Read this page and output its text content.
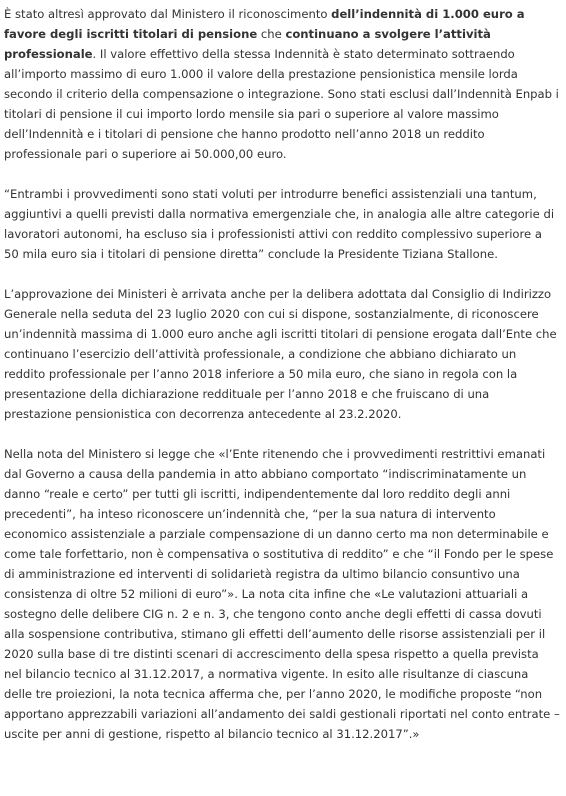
È stato altresì approvato dal Ministero il riconoscimento dell’indennità di 1.000 euro a favore degli iscritti titolari di pensione che continuano a svolgere l’attività professionale. Il valore effettivo della stessa Indennità è stato determinato sottraendo all’importo massimo di euro 1.000 il valore della prestazione pensionistica mensile lorda secondo il criterio della compensazione o integrazione. Sono stati esclusi dall’Indennità Enpab i titolari di pensione il cui importo lordo mensile sia pari o superiore al valore massimo dell’Indennità e i titolari di pensione che hanno prodotto nell’anno 2018 un reddito professionale pari o superiore ai 50.000,00 euro.

“Entrambi i provvedimenti sono stati voluti per introdurre benefici assistenziali una tantum, aggiuntivi a quelli previsti dalla normativa emergenziale che, in analogia alle altre categorie di lavoratori autonomi, ha escluso sia i professionisti attivi con reddito complessivo superiore a 50 mila euro sia i titolari di pensione diretta” conclude la Presidente Tiziana Stallone.

L’approvazione dei Ministeri è arrivata anche per la delibera adottata dal Consiglio di Indirizzo Generale nella seduta del 23 luglio 2020 con cui si dispone, sostanzialmente, di riconoscere un’indennità massima di 1.000 euro anche agli iscritti titolari di pensione erogata dall’Ente che continuano l’esercizio dell’attività professionale, a condizione che abbiano dichiarato un reddito professionale per l’anno 2018 inferiore a 50 mila euro, che siano in regola con la presentazione della dichiarazione reddituale per l’anno 2018 e che fruiscano di una prestazione pensionistica con decorrenza antecedente al 23.2.2020.

Nella nota del Ministero si legge che «l’Ente ritenendo che i provvedimenti restrittivi emanati dal Governo a causa della pandemia in atto abbiano comportato “indiscriminatamente un danno “reale e certo” per tutti gli iscritti, indipendentemente dal loro reddito degli anni precedenti”, ha inteso riconoscere un’indennità che, “per la sua natura di intervento economico assistenziale a parziale compensazione di un danno certo ma non determinabile e come tale forfettario, non è compensativa o sostitutiva di reddito” e che “il Fondo per le spese di amministrazione ed interventi di solidarietà registra da ultimo bilancio consuntivo una consistenza di oltre 52 milioni di euro”». La nota cita infine che «Le valutazioni attuariali a sostegno delle delibere CIG n. 2 e n. 3, che tengono conto anche degli effetti di cassa dovuti alla sospensione contributiva, stimano gli effetti dell’aumento delle risorse assistenziali per il 2020 sulla base di tre distinti scenari di accrescimento della spesa rispetto a quella prevista nel bilancio tecnico al 31.12.2017, a normativa vigente. In esito alle risultanze di ciascuna delle tre proiezioni, la nota tecnica afferma che, per l’anno 2020, le modifiche proposte “non apportano apprezzabili variazioni all’andamento dei saldi gestionali riportati nel conto entrate – uscite per anni di gestione, rispetto al bilancio tecnico al 31.12.2017”.»
